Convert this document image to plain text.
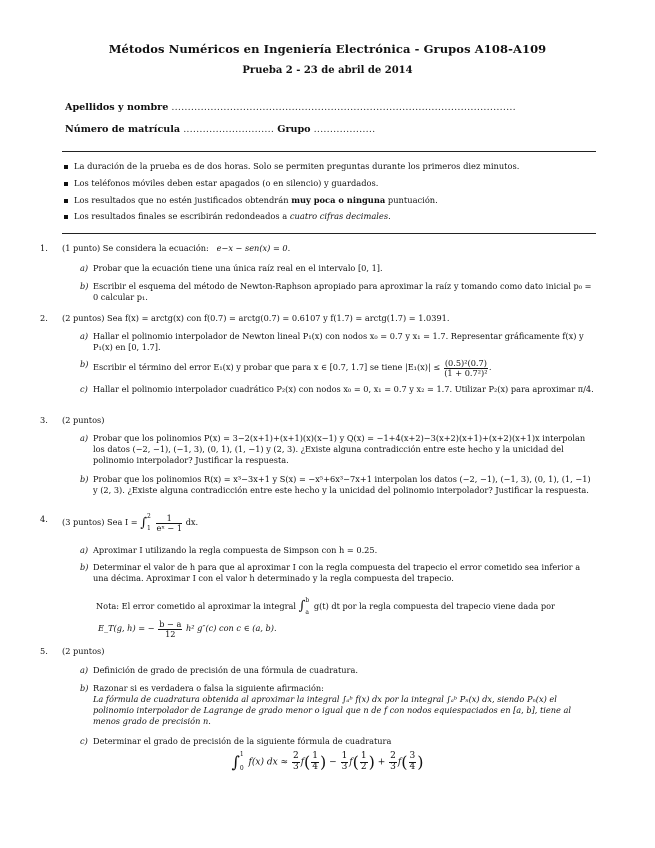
Métodos Numéricos en Ingeniería Electrónica - Grupos A108-A109
Prueba 2 - 23 de abril de 2014
Apellidos y nombre ..........................................................................................................
Número de matrícula ............................ Grupo ...................
La duración de la prueba es de dos horas. Solo se permiten preguntas durante los primeros diez minutos.
Los teléfonos móviles deben estar apagados (o en silencio) y guardados.
Los resultados que no estén justificados obtendrán muy poca o ninguna puntuación.
Los resultados finales se escribirán redondeados a cuatro cifras decimales.
1. (1 punto) Se considera la ecuación: e−x − sen(x) = 0.
a) Probar que la ecuación tiene una única raíz real en el intervalo [0, 1].
b) Escribir el esquema del método de Newton-Raphson apropiado para aproximar la raíz y tomando como dato inicial p₀ = 0 calcular p₁.
2. (2 puntos) Sea f(x) = arctg(x) con f(0.7) = arctg(0.7) = 0.6107 y f(1.7) = arctg(1.7) = 1.0391.
a) Hallar el polinomio interpolador de Newton lineal P₁(x) con nodos x₀ = 0.7 y x₁ = 1.7. Representar gráficamente f(x) y P₁(x) en [0, 1.7].
b) Escribir el término del error E₁(x) y probar que para x ∈ [0.7, 1.7] se tiene $|E_1(x)| \le \frac{\text{(0.5)²(0.7)}}{\text{(1 + 0.7²)²}}$ .
c) Hallar el polinomio interpolador cuadrático P₂(x) con nodos x₀ = 0, x₁ = 0.7 y x₂ = 1.7. Utilizar P₂(x) para aproximar π/4.
3. (2 puntos)
a) Probar que los polinomios P(x) = 3−2(x+1)+(x+1)(x)(x−1) y Q(x) = −1+4(x+2)−3(x+2)(x+1)+(x+2)(x+1)x interpolan los datos (−2, −1), (−1, 3), (0, 1), (1, −1) y (2, 3). ¿Existe alguna contradicción entre este hecho y la unicidad del polinomio interpolador? Justificar la respuesta.
b) Probar que los polinomios R(x) = x³−3x+1 y S(x) = −x⁵+6x³−7x+1 interpolan los datos (−2, −1), (−1, 3), (0, 1), (1, −1) y (2, 3). ¿Existe alguna contradicción entre este hecho y la unicidad del polinomio interpolador? Justificar la respuesta.
4. (3 puntos) Sea I = ∫ 2
1
$\frac{1}{\text{eˣ − 1}}$ dx.
a) Aproximar I utilizando la regla compuesta de Simpson con h = 0.25.
b) Determinar el valor de h para que al aproximar I con la regla compuesta del trapecio el error cometido sea inferior a una décima. Aproximar I con el valor h determinado y la regla compuesta del trapecio.
Nota: El error cometido al aproximar la integral ∫ b
a
g(t) dt por la regla compuesta del trapecio viene dada por
E_T(g, h) = − $\frac{b - a}{12} h^2$ g″(c) con c ∈ (a, b).
5. (2 puntos)
a) Definición de grado de precisión de una fórmula de cuadratura.
b) Razonar si es verdadera o falsa la siguiente afirmación:
La fórmula de cuadratura obtenida al aproximar la integral ∫ₐᵇ f(x) dx por la integral ∫ₐᵇ Pₙ(x) dx, siendo Pₙ(x) el polinomio interpolador de Lagrange de grado menor o igual que n de f con nodos equiespaciados en [a, b], tiene al menos grado de precisión n.
c) Determinar el grado de precisión de la siguiente fórmula de cuadratura
∫ 1
0
f(x) dx ≈ $\frac{2}{3} f( \frac{1}{4}$ ) − $\frac{1}{3} f( \frac{1}{2}$ ) + $\frac{2}{3} f( \frac{3}{4}$ )
